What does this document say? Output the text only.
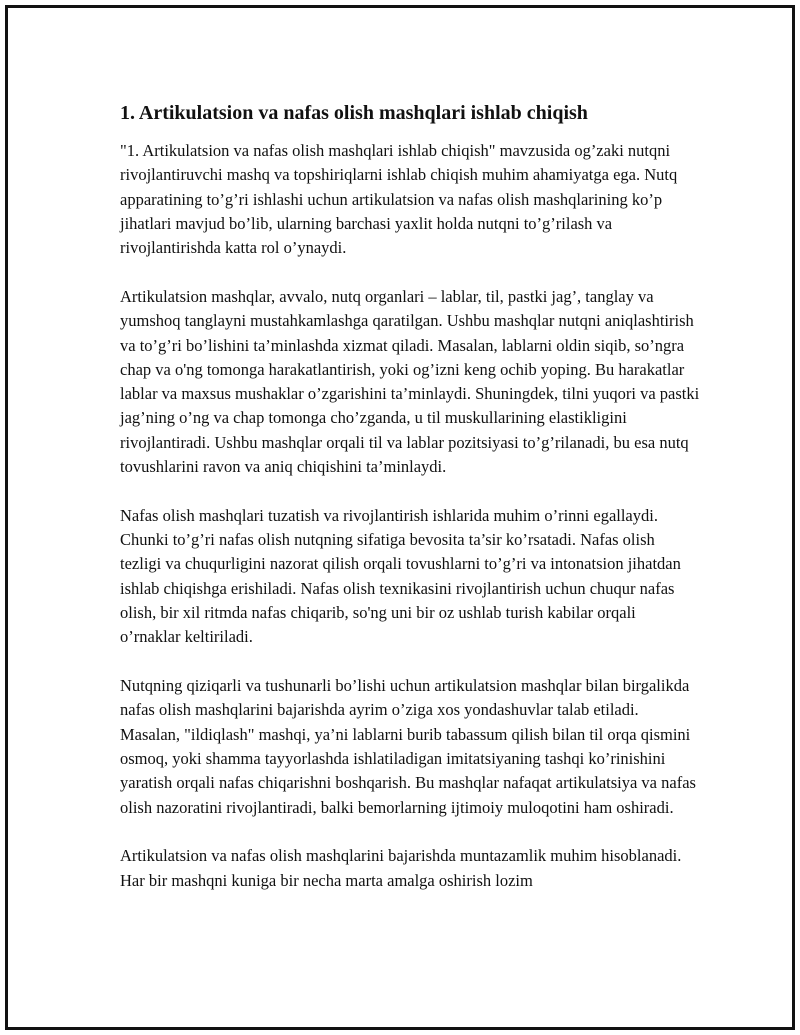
1. Artikulatsion va nafas olish mashqlari ishlab chiqish

"1. Artikulatsion va nafas olish mashqlari ishlab chiqish" mavzusida og’zaki nutqni rivojlantiruvchi mashq va topshiriqlarni ishlab chiqish muhim ahamiyatga ega. Nutq apparatining to’g’ri ishlashi uchun artikulatsion va nafas olish mashqlarining ko’p jihatlari mavjud bo’lib, ularning barchasi yaxlit holda nutqni to’g’rilash va rivojlantirishda katta rol o’ynaydi.

Artikulatsion mashqlar, avvalo, nutq organlari – lablar, til, pastki jag’, tanglay va yumshoq tanglayni mustahkamlashga qaratilgan. Ushbu mashqlar nutqni aniqlashtirish va to’g’ri bo’lishini ta’minlashda xizmat qiladi. Masalan, lablarni oldin siqib, so’ngra chap va o'ng tomonga harakatlantirish, yoki og’izni keng ochib yoping. Bu harakatlar lablar va maxsus mushaklar o’zgarishini ta’minlaydi. Shuningdek, tilni yuqori va pastki jag’ning o’ng va chap tomonga cho’zganda, u til muskullarining elastikligini rivojlantiradi. Ushbu mashqlar orqali til va lablar pozitsiyasi to’g’rilanadi, bu esa nutq tovushlarini ravon va aniq chiqishini ta’minlaydi.

Nafas olish mashqlari tuzatish va rivojlantirish ishlarida muhim o’rinni egallaydi. Chunki to’g’ri nafas olish nutqning sifatiga bevosita ta’sir ko’rsatadi. Nafas olish tezligi va chuqurligini nazorat qilish orqali tovushlarni to’g’ri va intonatsion jihatdan ishlab chiqishga erishiladi. Nafas olish texnikasini rivojlantirish uchun chuqur nafas olish, bir xil ritmda nafas chiqarib, so'ng uni bir oz ushlab turish kabilar orqali o’rnaklar keltiriladi.

Nutqning qiziqarli va tushunarli bo’lishi uchun artikulatsion mashqlar bilan birgalikda nafas olish mashqlarini bajarishda ayrim o’ziga xos yondashuvlar talab etiladi. Masalan, "ildiqlash" mashqi, ya’ni lablarni burib tabassum qilish bilan til orqa qismini osmoq, yoki shamma tayyorlashda ishlatiladigan imitatsiyaning tashqi ko’rinishini yaratish orqali nafas chiqarishni boshqarish. Bu mashqlar nafaqat artikulatsiya va nafas olish nazoratini rivojlantiradi, balki bemorlarning ijtimoiy muloqotini ham oshiradi.

Artikulatsion va nafas olish mashqlarini bajarishda muntazamlik muhim hisoblanadi. Har bir mashqni kuniga bir necha marta amalga oshirish lozim
